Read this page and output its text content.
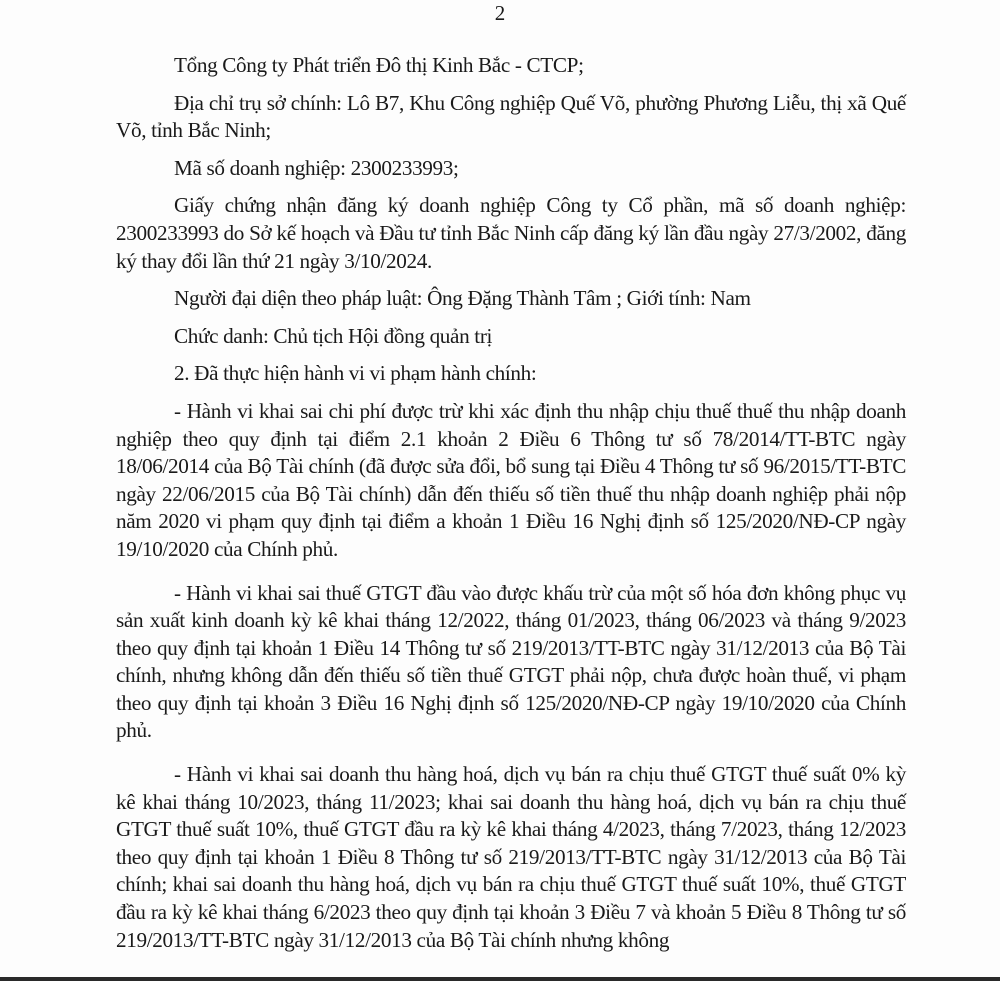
2

Tổng Công ty Phát triển Đô thị Kinh Bắc - CTCP;

Địa chỉ trụ sở chính: Lô B7, Khu Công nghiệp Quế Võ, phường Phương Liễu, thị xã Quế Võ, tỉnh Bắc Ninh;

Mã số doanh nghiệp: 2300233993;

Giấy chứng nhận đăng ký doanh nghiệp Công ty Cổ phần, mã số doanh nghiệp: 2300233993 do Sở kế hoạch và Đầu tư tỉnh Bắc Ninh cấp đăng ký lần đầu ngày 27/3/2002, đăng ký thay đổi lần thứ 21 ngày 3/10/2024.

Người đại diện theo pháp luật: Ông Đặng Thành Tâm ; Giới tính: Nam

Chức danh: Chủ tịch Hội đồng quản trị

2. Đã thực hiện hành vi vi phạm hành chính:

- Hành vi khai sai chi phí được trừ khi xác định thu nhập chịu thuế thuế thu nhập doanh nghiệp theo quy định tại điểm 2.1 khoản 2 Điều 6 Thông tư số 78/2014/TT-BTC ngày 18/06/2014 của Bộ Tài chính (đã được sửa đổi, bổ sung tại Điều 4 Thông tư số 96/2015/TT-BTC ngày 22/06/2015 của Bộ Tài chính) dẫn đến thiếu số tiền thuế thu nhập doanh nghiệp phải nộp năm 2020 vi phạm quy định tại điểm a khoản 1 Điều 16 Nghị định số 125/2020/NĐ-CP ngày 19/10/2020 của Chính phủ.

- Hành vi khai sai thuế GTGT đầu vào được khấu trừ của một số hóa đơn không phục vụ sản xuất kinh doanh kỳ kê khai tháng 12/2022, tháng 01/2023, tháng 06/2023 và tháng 9/2023 theo quy định tại khoản 1 Điều 14 Thông tư số 219/2013/TT-BTC ngày 31/12/2013 của Bộ Tài chính, nhưng không dẫn đến thiếu số tiền thuế GTGT phải nộp, chưa được hoàn thuế, vi phạm theo quy định tại khoản 3 Điều 16 Nghị định số 125/2020/NĐ-CP ngày 19/10/2020 của Chính phủ.

- Hành vi khai sai doanh thu hàng hoá, dịch vụ bán ra chịu thuế GTGT thuế suất 0% kỳ kê khai tháng 10/2023, tháng 11/2023; khai sai doanh thu hàng hoá, dịch vụ bán ra chịu thuế GTGT thuế suất 10%, thuế GTGT đầu ra kỳ kê khai tháng 4/2023, tháng 7/2023, tháng 12/2023 theo quy định tại khoản 1 Điều 8 Thông tư số 219/2013/TT-BTC ngày 31/12/2013 của Bộ Tài chính; khai sai doanh thu hàng hoá, dịch vụ bán ra chịu thuế GTGT thuế suất 10%, thuế GTGT đầu ra kỳ kê khai tháng 6/2023 theo quy định tại khoản 3 Điều 7 và khoản 5 Điều 8 Thông tư số 219/2013/TT-BTC ngày 31/12/2013 của Bộ Tài chính nhưng không
